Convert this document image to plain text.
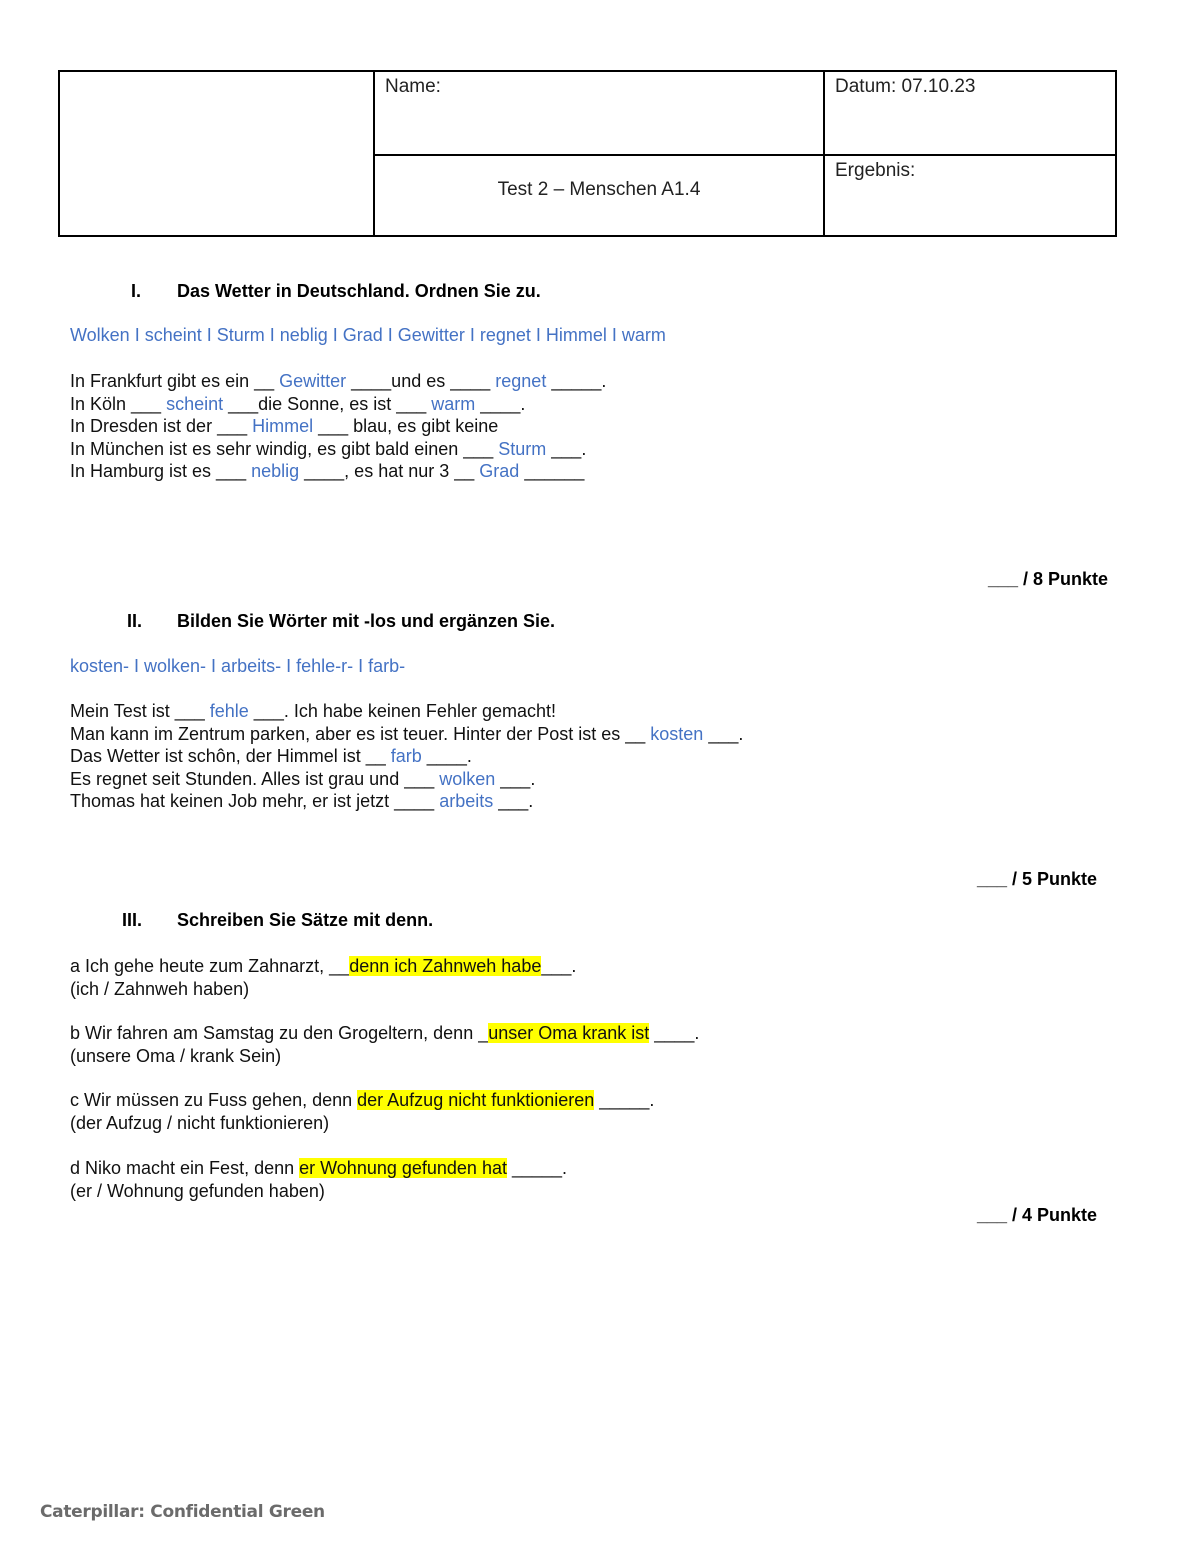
	Name:	Datum: 07.10.23

	Test 2 – Menschen A1.4	Ergebnis:
I. Das Wetter in Deutschland. Ordnen Sie zu.
Wolken I scheint I Sturm I neblig I Grad I Gewitter I regnet I Himmel I warm
In Frankfurt gibt es ein __ Gewitter ____und es ____ regnet _____.
In Köln ___ scheint ___die Sonne, es ist ___ warm ____.
In Dresden ist der ___ Himmel ___ blau, es gibt keine
In München ist es sehr windig, es gibt bald einen ___ Sturm ___.
In Hamburg ist es ___ neblig ____, es hat nur 3 __ Grad ______
___ / 8 Punkte
II. Bilden Sie Wörter mit -los und ergänzen Sie.
kosten- I wolken- I arbeits- I fehle-r- I farb-
Mein Test ist ___ fehle ___. Ich habe keinen Fehler gemacht!
Man kann im Zentrum parken, aber es ist teuer. Hinter der Post ist es __ kosten ___.
Das Wetter ist schôn, der Himmel ist __ farb ____.
Es regnet seit Stunden. Alles ist grau und ___ wolken ___.
Thomas hat keinen Job mehr, er ist jetzt ____ arbeits ___.
___ / 5 Punkte
III. Schreiben Sie Sätze mit denn.
a Ich gehe heute zum Zahnarzt, __denn ich Zahnweh habe___.
(ich / Zahnweh haben)
b Wir fahren am Samstag zu den Grogeltern, denn _unser Oma krank ist ____.
(unsere Oma / krank Sein)
c Wir müssen zu Fuss gehen, denn der Aufzug nicht funktionieren _____.
(der Aufzug / nicht funktionieren)
d Niko macht ein Fest, denn er Wohnung gefunden hat _____.
(er / Wohnung gefunden haben)
___ / 4 Punkte
Caterpillar: Confidential Green
